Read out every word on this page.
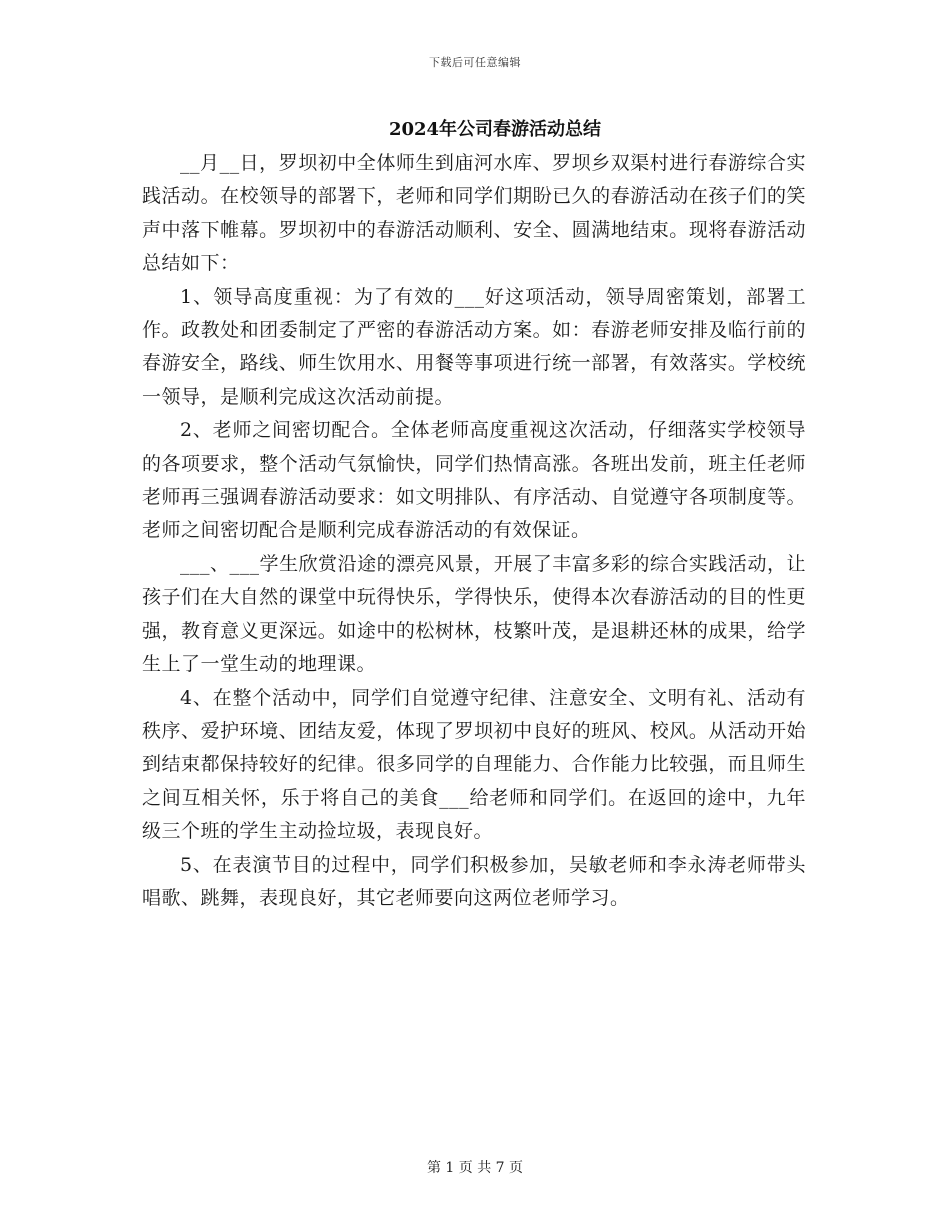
下载后可任意编辑
2024年公司春游活动总结

__月__日，罗坝初中全体师生到庙河水库、罗坝乡双渠村进行春游综合实践活动。在校领导的部署下，老师和同学们期盼已久的春游活动在孩子们的笑声中落下帷幕。罗坝初中的春游活动顺利、安全、圆满地结束。现将春游活动总结如下：

1、领导高度重视：为了有效的___好这项活动，领导周密策划，部署工作。政教处和团委制定了严密的春游活动方案。如：春游老师安排及临行前的春游安全，路线、师生饮用水、用餐等事项进行统一部署，有效落实。学校统一领导，是顺利完成这次活动前提。

2、老师之间密切配合。全体老师高度重视这次活动，仔细落实学校领导的各项要求，整个活动气氛愉快，同学们热情高涨。各班出发前，班主任老师老师再三强调春游活动要求：如文明排队、有序活动、自觉遵守各项制度等。老师之间密切配合是顺利完成春游活动的有效保证。

___、___学生欣赏沿途的漂亮风景，开展了丰富多彩的综合实践活动，让孩子们在大自然的课堂中玩得快乐，学得快乐，使得本次春游活动的目的性更强，教育意义更深远。如途中的松树林，枝繁叶茂，是退耕还林的成果，给学生上了一堂生动的地理课。

4、在整个活动中，同学们自觉遵守纪律、注意安全、文明有礼、活动有秩序、爱护环境、团结友爱，体现了罗坝初中良好的班风、校风。从活动开始到结束都保持较好的纪律。很多同学的自理能力、合作能力比较强，而且师生之间互相关怀，乐于将自己的美食___给老师和同学们。在返回的途中，九年级三个班的学生主动捡垃圾，表现良好。

5、在表演节目的过程中，同学们积极参加，吴敏老师和李永涛老师带头唱歌、跳舞，表现良好，其它老师要向这两位老师学习。

第 1 页 共 7 页
